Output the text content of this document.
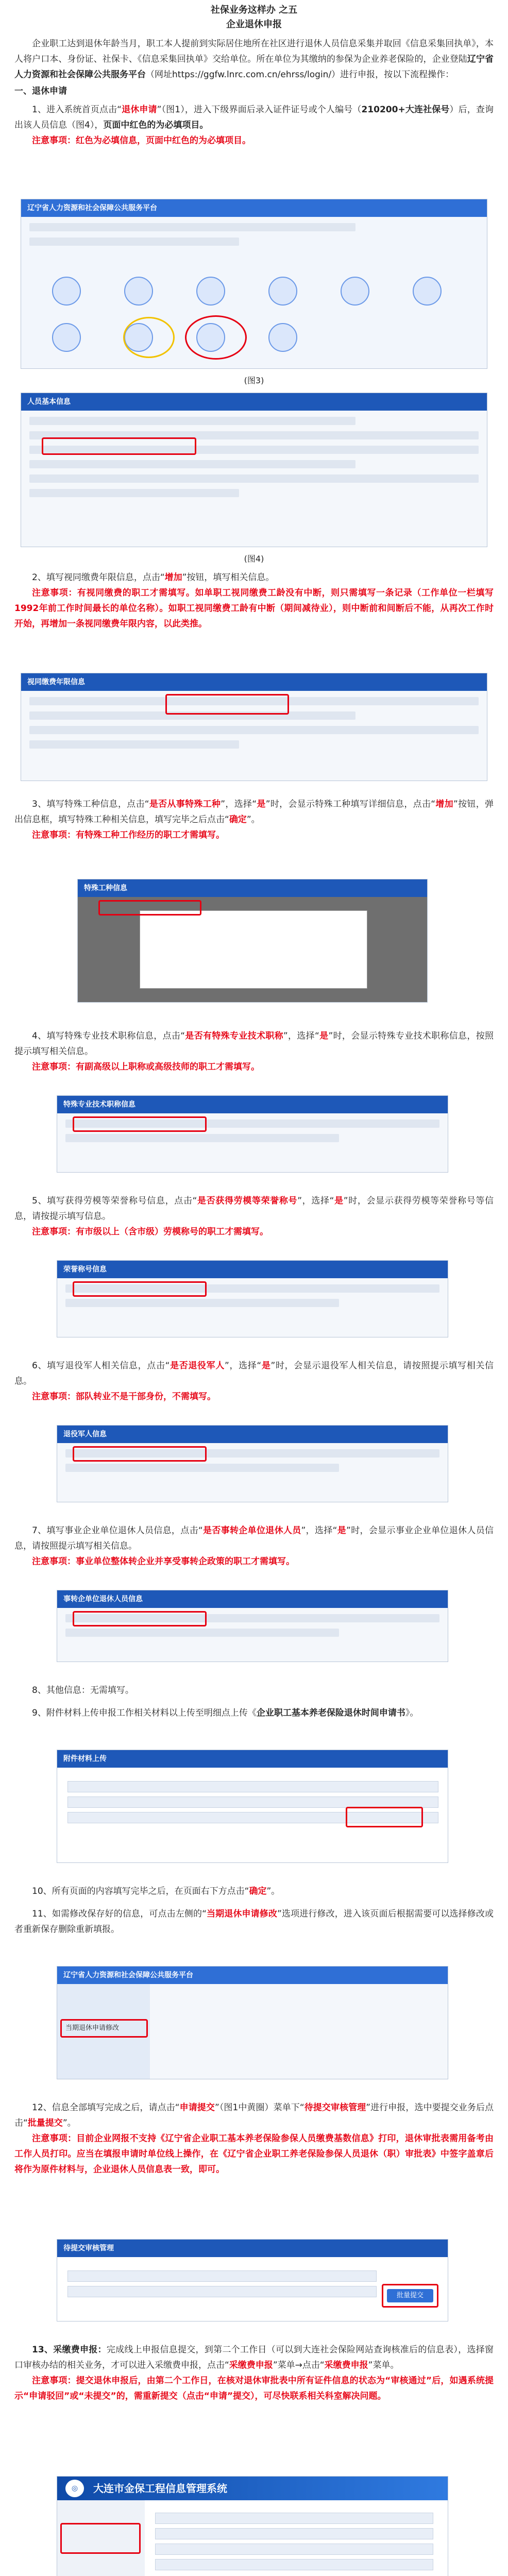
社保业务这样办 之五
企业退休申报

企业职工达到退休年龄当月，职工本人提前到实际居住地所在社区进行退休人员信息采集并取回《信息采集回执单》，本人将户口本、身份证、社保卡、《信息采集回执单》交给单位。所在单位为其缴纳的参保为企业养老保险的，企业登陆辽宁省人力资源和社会保障公共服务平台（网址https://ggfw.lnrc.com.cn/ehrss/login/）进行申报，按以下流程操作：

一、退休申请

1、进入系统首页点击“退休申请”（图1），进入下级界面后录入证件证号或个人编号（210200+大连社保号）后，查询出该人员信息（图4），页面中红色的为必填项目。

注意事项：红色为必填信息，页面中红色的为必填项目。

辽宁省人力资源和社会保障公共服务平台
(图3)
人员基本信息
(图4)

2、填写视同缴费年限信息，点击“增加”按钮，填写相关信息。

注意事项：有视同缴费的职工才需填写。如单职工视同缴费工龄没有中断，则只需填写一条记录（工作单位一栏填写1992年前工作时间最长的单位名称）。如职工视同缴费工龄有中断（期间减待业），则中断前和间断后不能，从再次工作时开始，再增加一条视同缴费年限内容，以此类推。

视同缴费年限信息

3、填写特殊工种信息，点击“是否从事特殊工种”，选择“是”时，会显示特殊工种填写详细信息，点击“增加”按钮，弹出信息框，填写特殊工种相关信息，填写完毕之后点击“确定”。

注意事项：有特殊工种工作经历的职工才需填写。

特殊工种信息

4、填写特殊专业技术职称信息，点击“是否有特殊专业技术职称”，选择“是”时，会显示特殊专业技术职称信息，按照提示填写相关信息。

注意事项：有副高级以上职称或高级技师的职工才需填写。

特殊专业技术职称信息

5、填写获得劳模等荣誉称号信息，点击“是否获得劳模等荣誉称号”，选择“是”时，会显示获得劳模等荣誉称号等信息，请按提示填写信息。

注意事项：有市级以上（含市级）劳模称号的职工才需填写。

荣誉称号信息

6、填写退役军人相关信息，点击“是否退役军人”，选择“是”时，会显示退役军人相关信息，请按照提示填写相关信息。

注意事项：部队转业不是干部身份，不需填写。

退役军人信息

7、填写事业企业单位退休人员信息，点击“是否事转企单位退休人员”，选择“是”时，会显示事业企业单位退休人员信息，请按照提示填写相关信息。

注意事项：事业单位整体转企业并享受事转企政策的职工才需填写。

事转企单位退休人员信息

8、其他信息：无需填写。

9、附件材料上传申报工作相关材料以上传至明细点上传《企业职工基本养老保险退休时间申请书》。

附件材料上传

10、所有页面的内容填写完毕之后，在页面右下方点击“确定”。

11、如需修改保存好的信息，可点击左侧的“当期退休申请修改”选项进行修改，进入该页面后根据需要可以选择修改或者重新保存删除重新填报。

辽宁省人力资源和社会保障公共服务平台
当期退休申请修改

12、信息全部填写完成之后，请点击“申请提交”（图1中黄圈）菜单下“待提交审核管理”进行申报，选中要提交业务后点击“批量提交”。

注意事项：目前企业网报不支持《辽宁省企业职工基本养老保险参保人员缴费基数信息》打印，退休审批表需用备考由工作人员打印。应当在填报申请时单位线上操作，在《辽宁省企业职工养老保险参保人员退休（职）审批表》中签字盖章后将作为原件材料与，企业退休人员信息表一致，即可。

待提交审核管理
批量提交

13、采缴费申报：完成线上申报信息提交，到第二个工作日（可以到大连社会保险网站查询核准后的信息表），选择窗口审核办结的相关业务，才可以进入采缴费申报，点击“采缴费申报”菜单→点击“采缴费申报”菜单。

注意事项：提交退休申报后，由第二个工作日，在核对退休审批表中所有证件信息的状态为“审核通过”后，如遇系统提示“申请驳回”或“未提交”的，需重新提交（点击“申请”提交），可尽快联系相关科室解决问题。

大连市金保工程信息管理系统
◎
